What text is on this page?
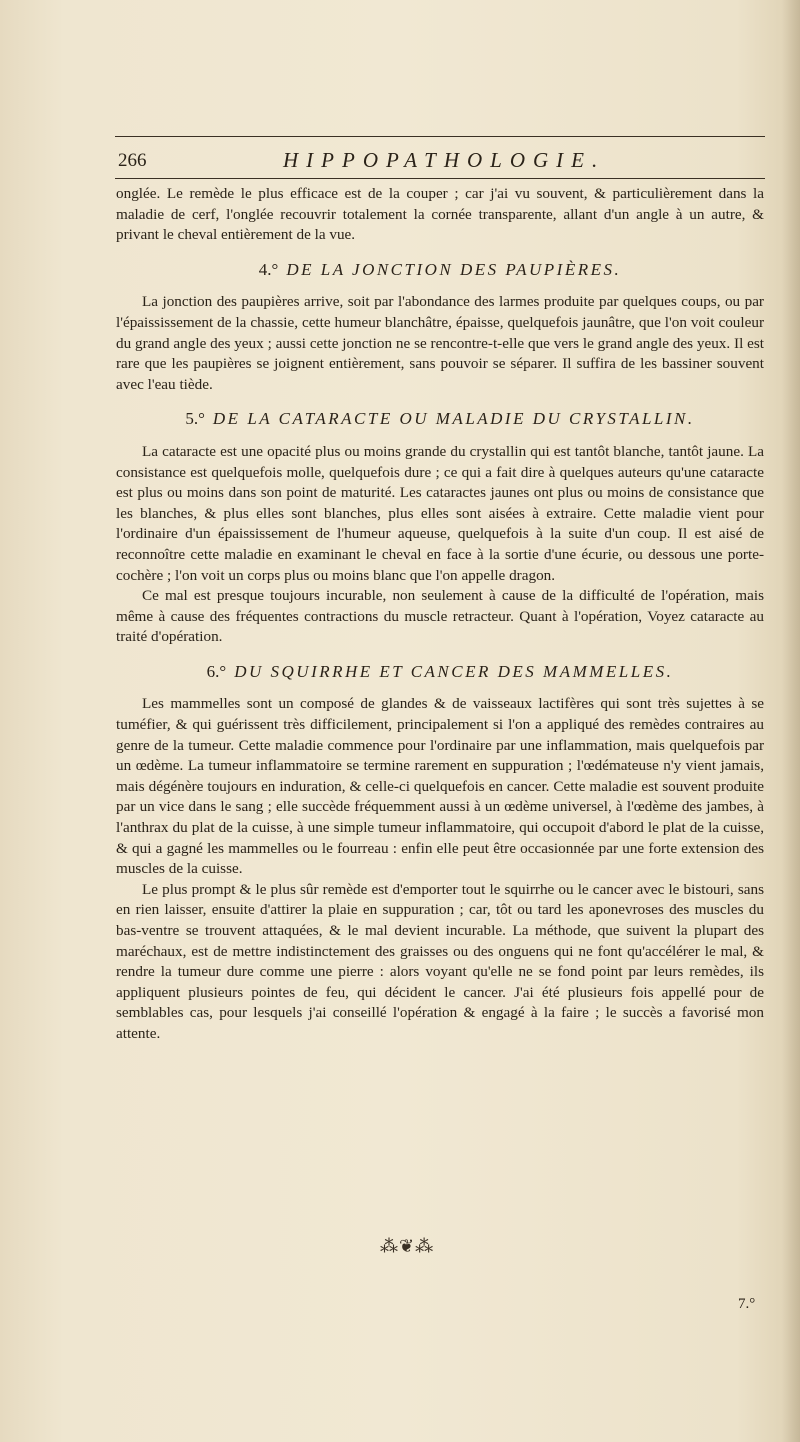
266	HIPPOPATHOLOGIE.

onglée. Le remède le plus efficace est de la couper ; car j'ai vu souvent, & particulièrement dans la maladie de cerf, l'onglée recouvrir totalement la cornée transparente, allant d'un angle à un autre, & privant le cheval entièrement de la vue.

4.° DE LA JONCTION DES PAUPIÈRES.

La jonction des paupières arrive, soit par l'abondance des larmes produite par quelques coups, ou par l'épaississement de la chassie, cette humeur blanchâtre, épaisse, quelquefois jaunâtre, que l'on voit couleur du grand angle des yeux ; aussi cette jonction ne se rencontre-t-elle que vers le grand angle des yeux. Il est rare que les paupières se joignent entièrement, sans pouvoir se séparer. Il suffira de les bassiner souvent avec l'eau tiède.

5.° DE LA CATARACTE OU MALADIE DU CRYSTALLIN.

La cataracte est une opacité plus ou moins grande du crystallin qui est tantôt blanche, tantôt jaune. La consistance est quelquefois molle, quelquefois dure ; ce qui a fait dire à quelques auteurs qu'une cataracte est plus ou moins dans son point de maturité. Les cataractes jaunes ont plus ou moins de consistance que les blanches, & plus elles sont blanches, plus elles sont aisées à extraire. Cette maladie vient pour l'ordinaire d'un épaississement de l'humeur aqueuse, quelquefois à la suite d'un coup. Il est aisé de reconnoître cette maladie en examinant le cheval en face à la sortie d'une écurie, ou dessous une porte-cochère ; l'on voit un corps plus ou moins blanc que l'on appelle dragon.

Ce mal est presque toujours incurable, non seulement à cause de la difficulté de l'opération, mais même à cause des fréquentes contractions du muscle retracteur. Quant à l'opération, Voyez cataracte au traité d'opération.

6.° DU SQUIRRHE ET CANCER DES MAMMELLES.

Les mammelles sont un composé de glandes & de vaisseaux lactifères qui sont très sujettes à se tuméfier, & qui guérissent très difficilement, principalement si l'on a appliqué des remèdes contraires au genre de la tumeur. Cette maladie commence pour l'ordinaire par une inflammation, mais quelquefois par un œdème. La tumeur inflammatoire se termine rarement en suppuration ; l'œdémateuse n'y vient jamais, mais dégénère toujours en induration, & celle-ci quelquefois en cancer. Cette maladie est souvent produite par un vice dans le sang ; elle succède fréquemment aussi à un œdème universel, à l'œdème des jambes, à l'anthrax du plat de la cuisse, à une simple tumeur inflammatoire, qui occupoit d'abord le plat de la cuisse, & qui a gagné les mammelles ou le fourreau : enfin elle peut être occasionnée par une forte extension des muscles de la cuisse.

Le plus prompt & le plus sûr remède est d'emporter tout le squirrhe ou le cancer avec le bistouri, sans en rien laisser, ensuite d'attirer la plaie en suppuration ; car, tôt ou tard les aponevroses des muscles du bas-ventre se trouvent attaquées, & le mal devient incurable. La méthode, que suivent la plupart des maréchaux, est de mettre indistinctement des graisses ou des onguens qui ne font qu'accélérer le mal, & rendre la tumeur dure comme une pierre : alors voyant qu'elle ne se fond point par leurs remèdes, ils appliquent plusieurs pointes de feu, qui décident le cancer. J'ai été plusieurs fois appellé pour de semblables cas, pour lesquels j'ai conseillé l'opération & engagé à la faire ; le succès a favorisé mon attente.

⁂❦⁂
7.°
